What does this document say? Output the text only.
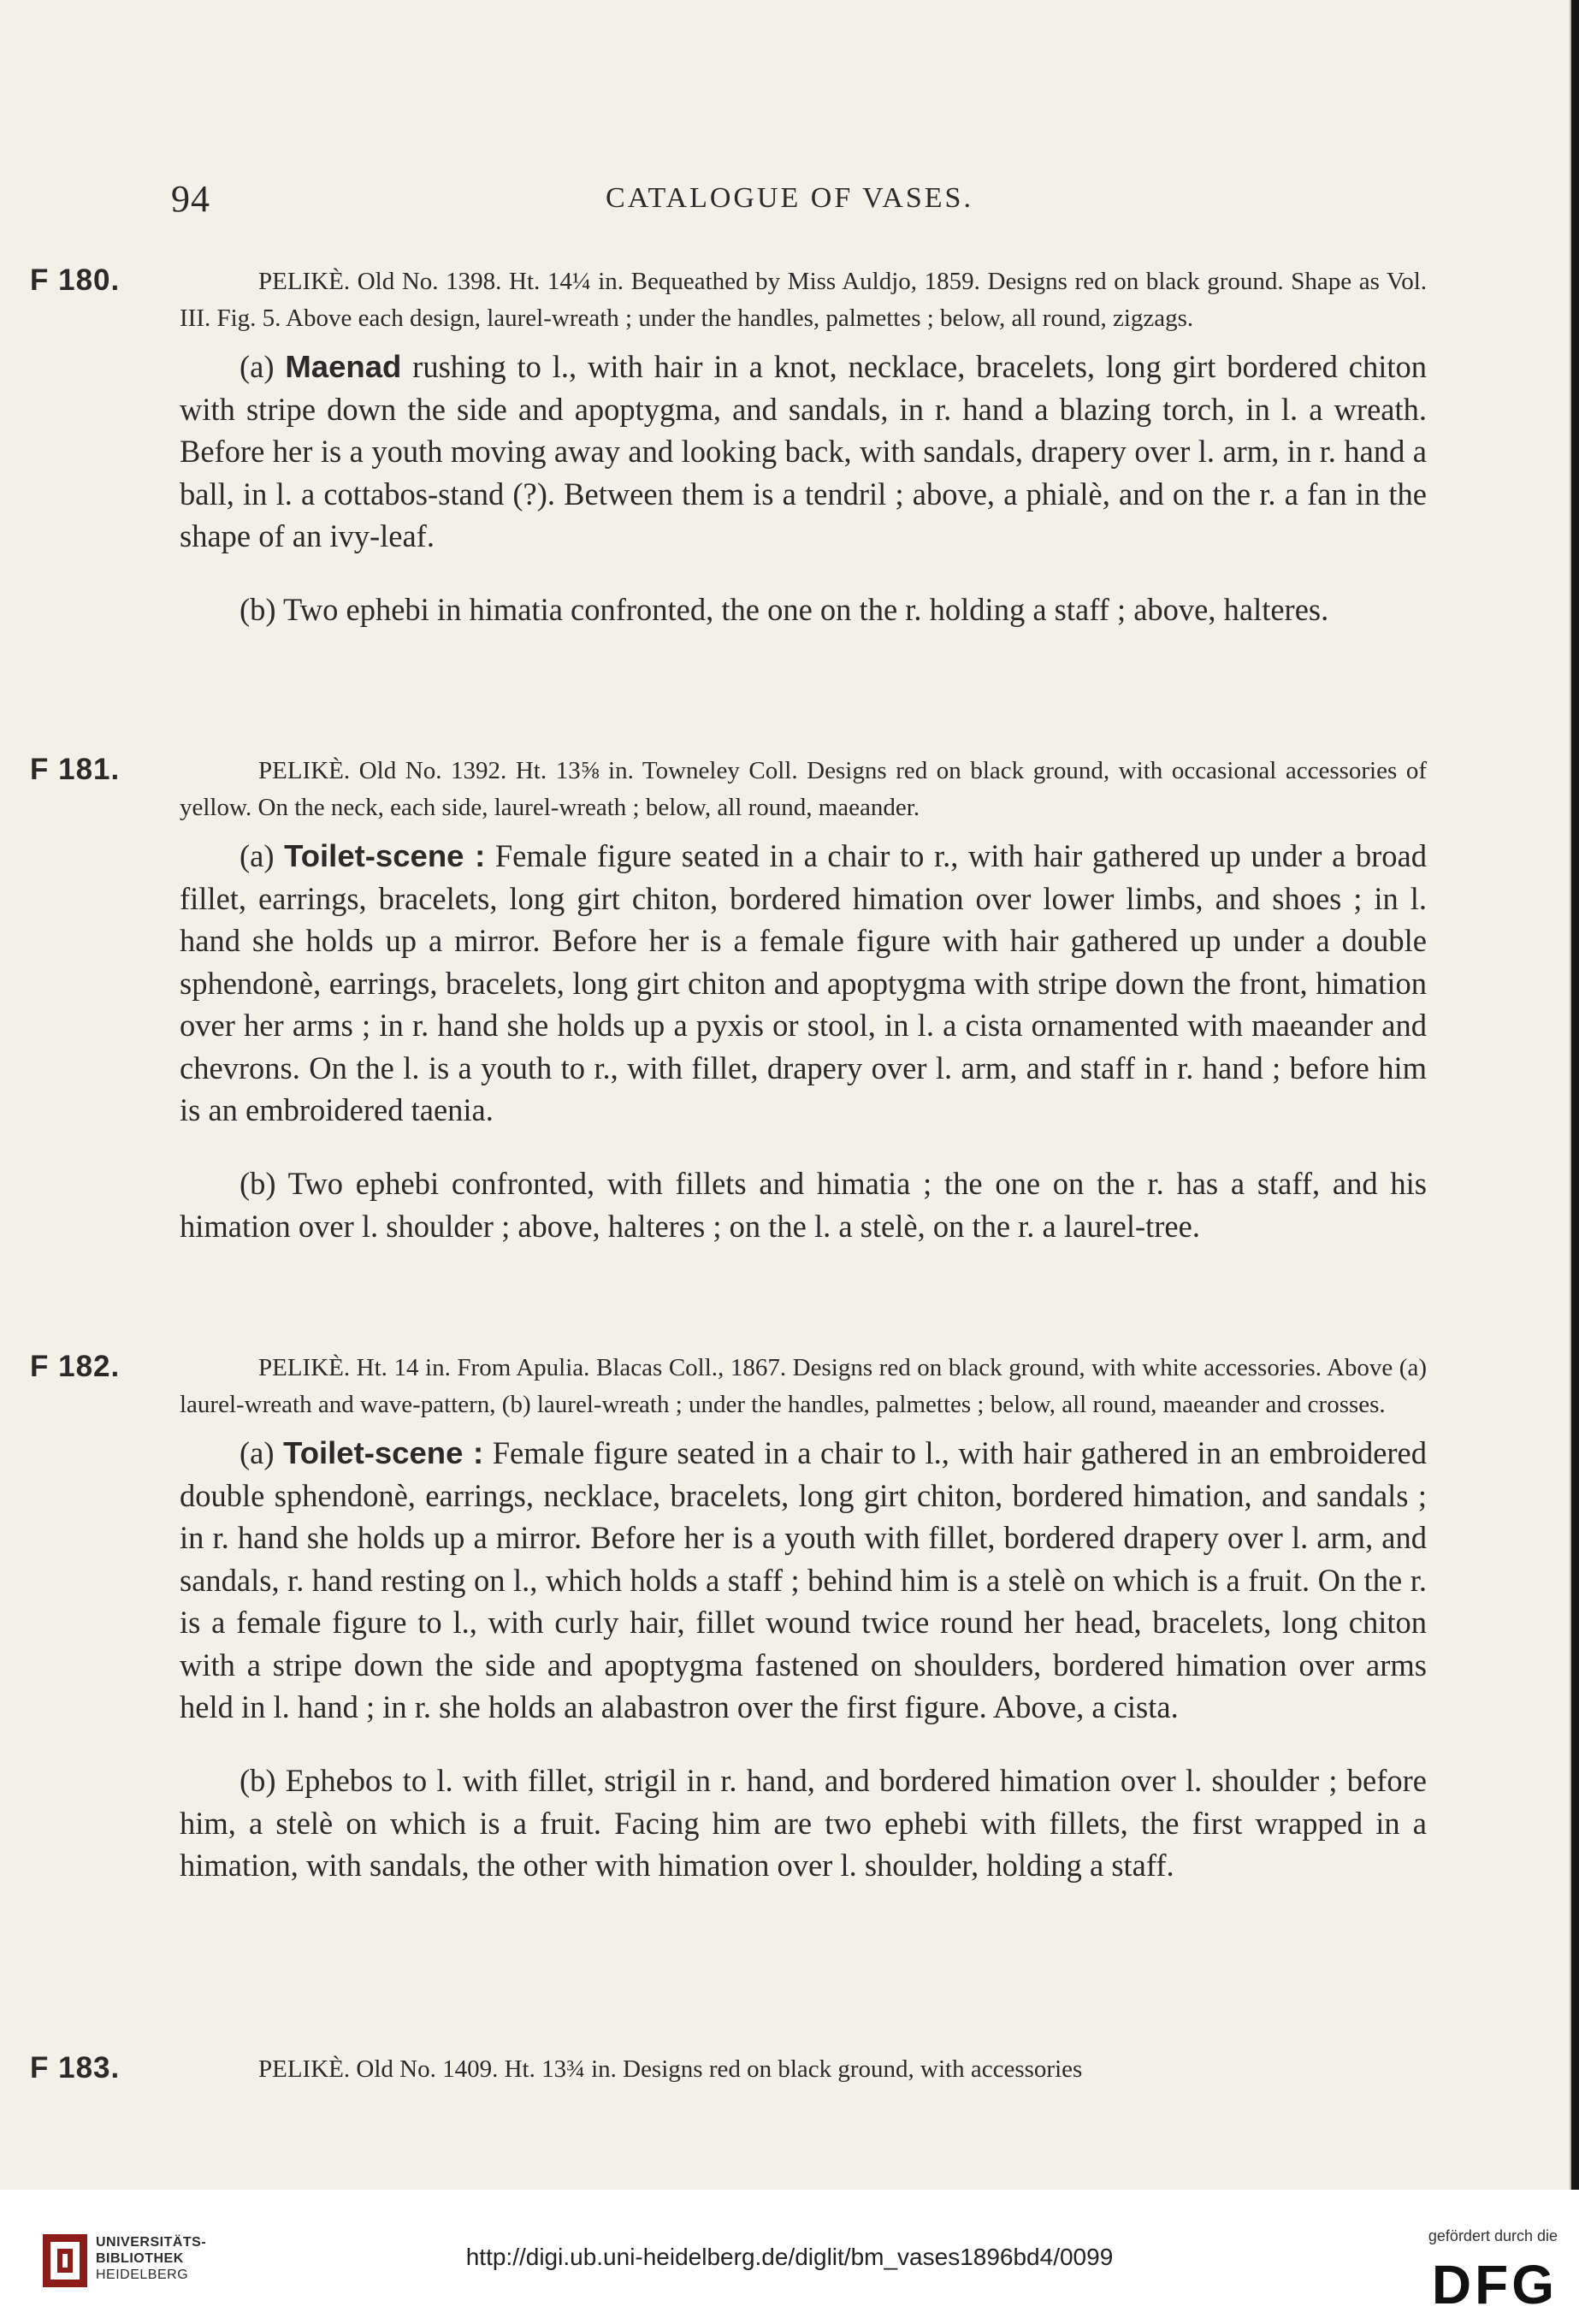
94	CATALOGUE OF VASES.
F 180.	PELIKÈ. Old No. 1398. Ht. 14¼ in. Bequeathed by Miss Auldjo, 1859. Designs red on black ground. Shape as Vol. III. Fig. 5. Above each design, laurel-wreath ; under the handles, palmettes ; below, all round, zigzags.

(a) Maenad rushing to l., with hair in a knot, necklace, bracelets, long girt bordered chiton with stripe down the side and apoptygma, and sandals, in r. hand a blazing torch, in l. a wreath. Before her is a youth moving away and looking back, with sandals, drapery over l. arm, in r. hand a ball, in l. a cottabos-stand (?). Between them is a tendril ; above, a phialè, and on the r. a fan in the shape of an ivy-leaf.

(b) Two ephebi in himatia confronted, the one on the r. holding a staff ; above, halteres.

F 181.	PELIKÈ. Old No. 1392. Ht. 13⅝ in. Towneley Coll. Designs red on black ground, with occasional accessories of yellow. On the neck, each side, laurel-wreath ; below, all round, maeander.

(a) Toilet-scene : Female figure seated in a chair to r., with hair gathered up under a broad fillet, earrings, bracelets, long girt chiton, bordered himation over lower limbs, and shoes ; in l. hand she holds up a mirror. Before her is a female figure with hair gathered up under a double sphendonè, earrings, bracelets, long girt chiton and apoptygma with stripe down the front, himation over her arms ; in r. hand she holds up a pyxis or stool, in l. a cista ornamented with maeander and chevrons. On the l. is a youth to r., with fillet, drapery over l. arm, and staff in r. hand ; before him is an embroidered taenia.

(b) Two ephebi confronted, with fillets and himatia ; the one on the r. has a staff, and his himation over l. shoulder ; above, halteres ; on the l. a stelè, on the r. a laurel-tree.

F 182.	PELIKÈ. Ht. 14 in. From Apulia. Blacas Coll., 1867. Designs red on black ground, with white accessories. Above (a) laurel-wreath and wave-pattern, (b) laurel-wreath ; under the handles, palmettes ; below, all round, maeander and crosses.

(a) Toilet-scene : Female figure seated in a chair to l., with hair gathered in an embroidered double sphendonè, earrings, necklace, bracelets, long girt chiton, bordered himation, and sandals ; in r. hand she holds up a mirror. Before her is a youth with fillet, bordered drapery over l. arm, and sandals, r. hand resting on l., which holds a staff ; behind him is a stelè on which is a fruit. On the r. is a female figure to l., with curly hair, fillet wound twice round her head, bracelets, long chiton with a stripe down the side and apoptygma fastened on shoulders, bordered himation over arms held in l. hand ; in r. she holds an alabastron over the first figure. Above, a cista.

(b) Ephebos to l. with fillet, strigil in r. hand, and bordered himation over l. shoulder ; before him, a stelè on which is a fruit. Facing him are two ephebi with fillets, the first wrapped in a himation, with sandals, the other with himation over l. shoulder, holding a staff.

F 183.	PELIKÈ. Old No. 1409. Ht. 13¾ in. Designs red on black ground, with accessories
UNIVERSITÄTS-
BIBLIOTHEK
HEIDELBERG
http://digi.ub.uni-heidelberg.de/diglit/bm_vases1896bd4/0099
gefördert durch die
DFG
